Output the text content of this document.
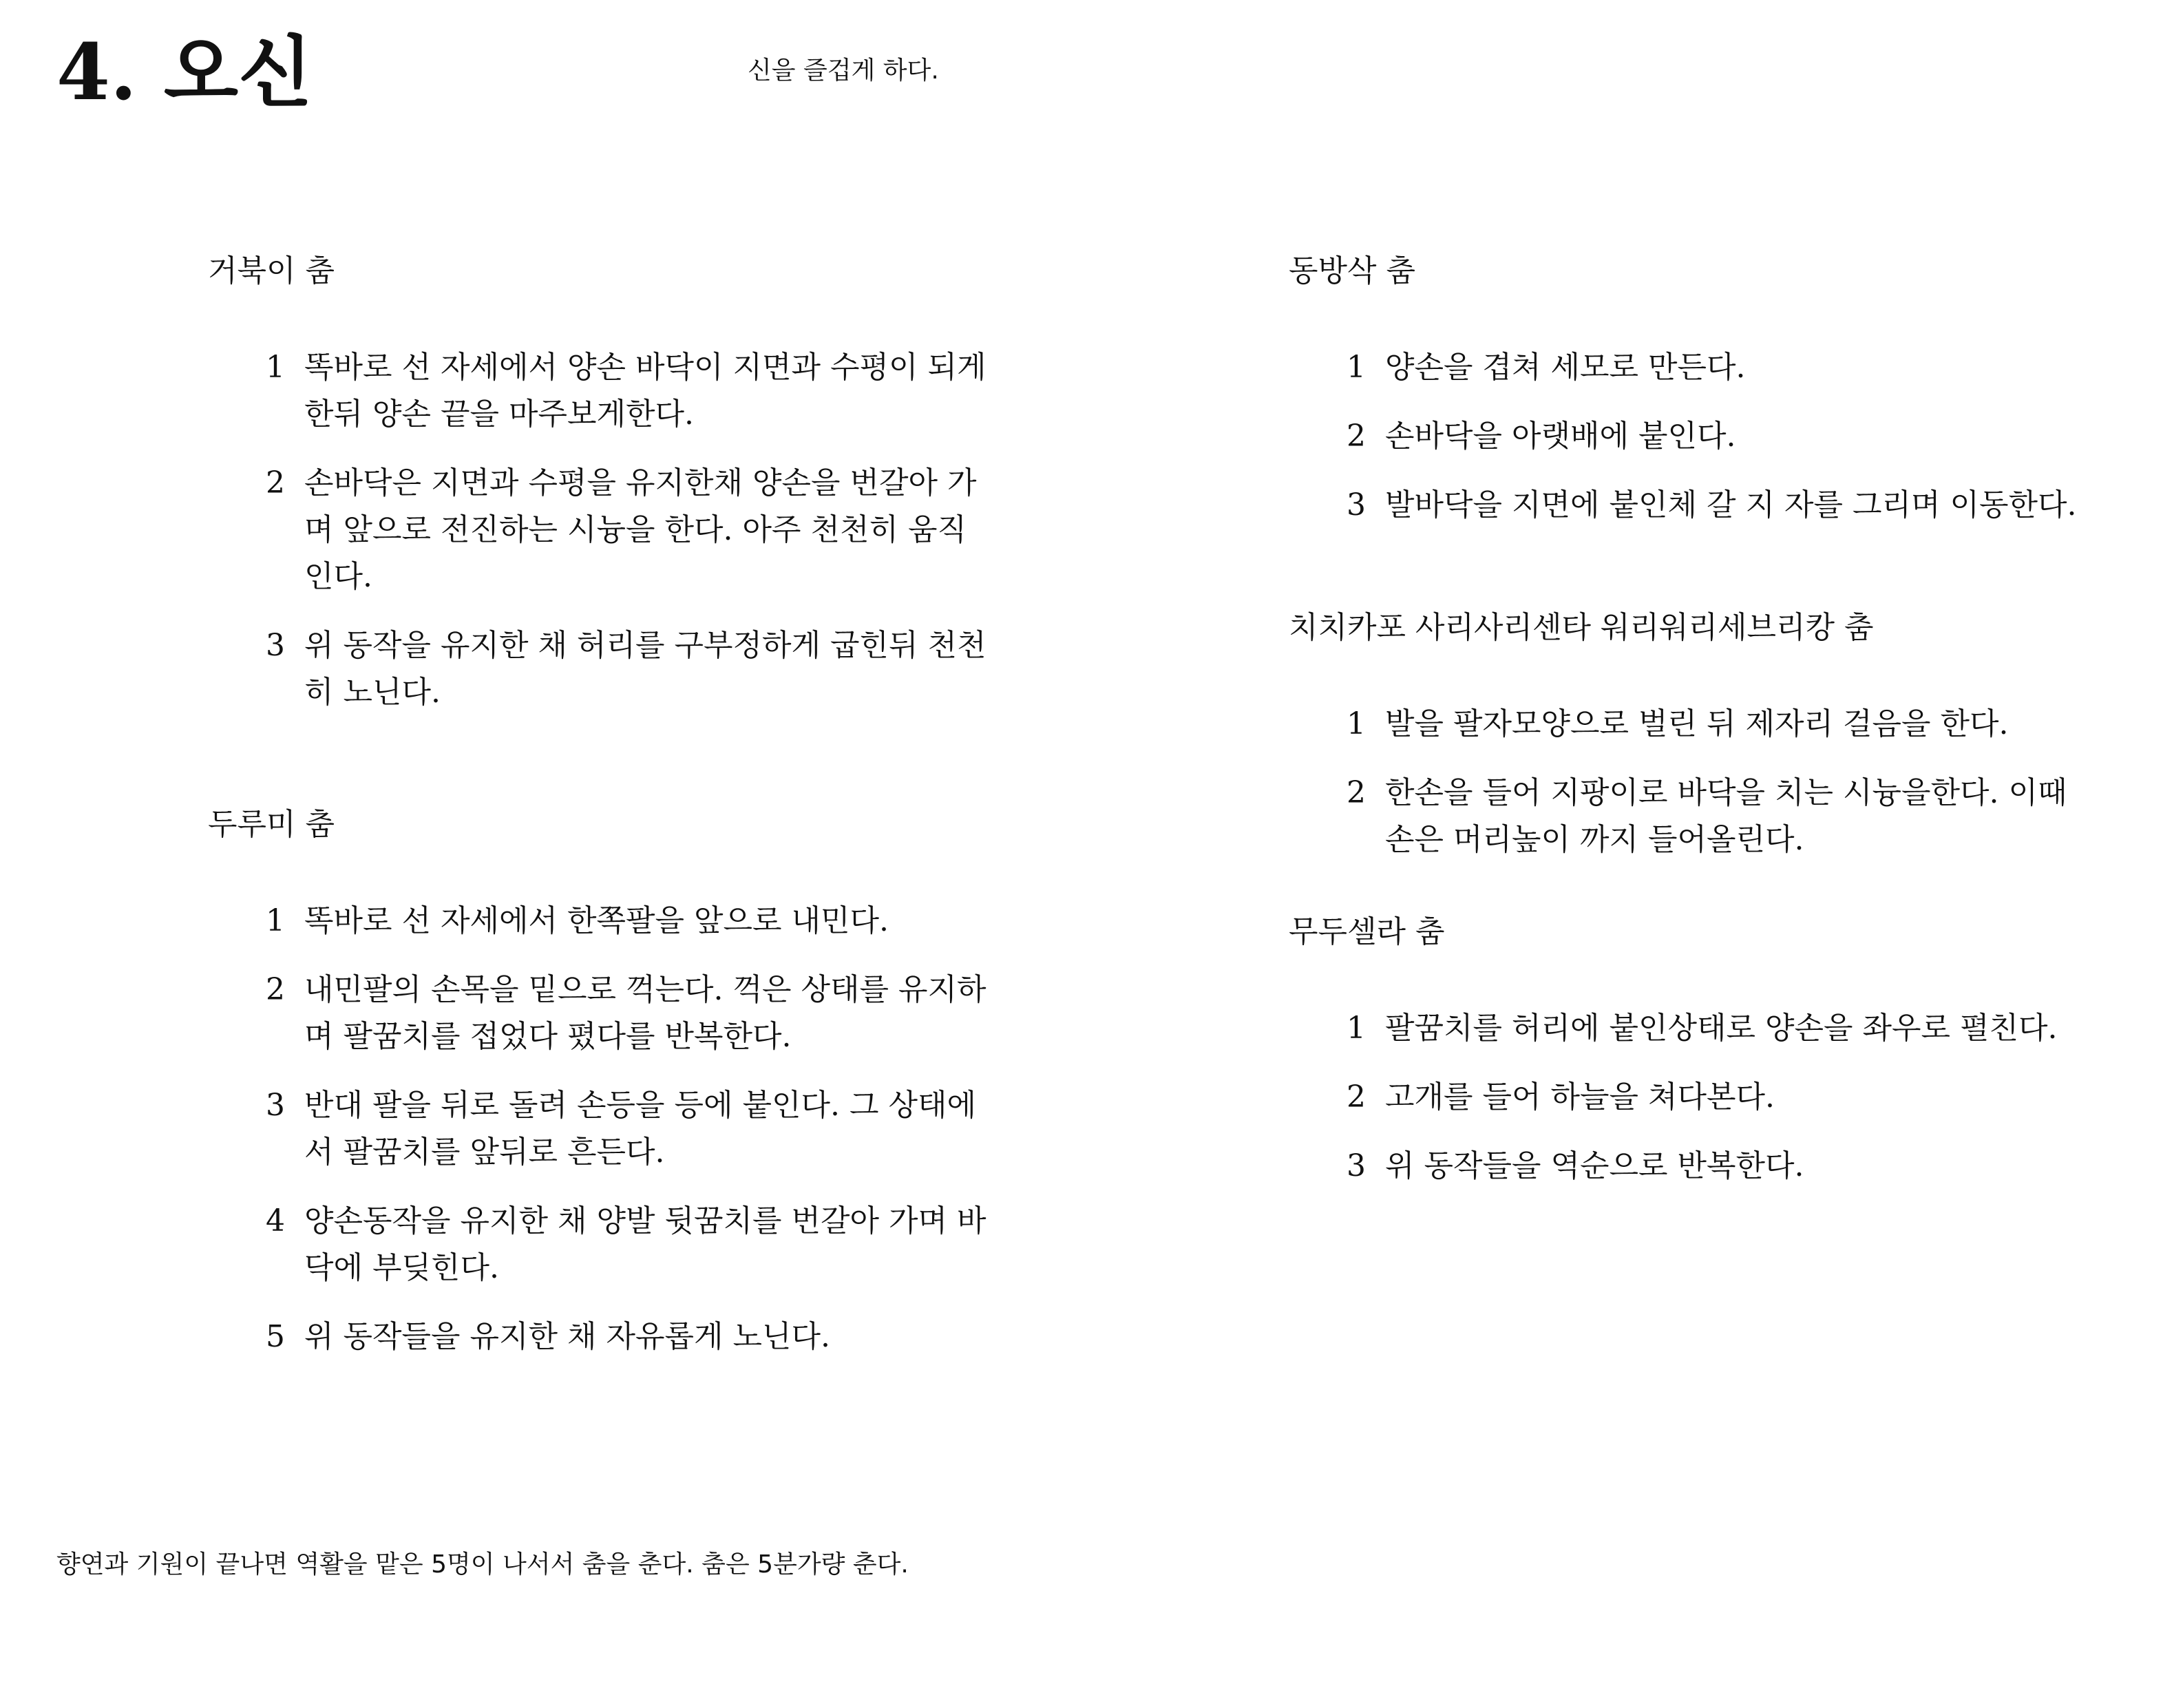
4. 오신	신을 즐겁게 하다.
거북이 춤
1 똑바로 선 자세에서 양손 바닥이 지면과 수평이 되게 한뒤 양손 끝을 마주보게한다.
2 손바닥은 지면과 수평을 유지한채 양손을 번갈아 가며 앞으로 전진하는 시늉을 한다. 아주 천천히 움직인다.
3 위 동작을 유지한 채 허리를 구부정하게 굽힌뒤 천천히 노닌다.
두루미 춤
1 똑바로 선 자세에서 한쪽팔을 앞으로 내민다.
2 내민팔의 손목을 밑으로 꺽는다. 꺽은 상태를 유지하며 팔꿈치를 접었다 폈다를 반복한다.
3 반대 팔을 뒤로 돌려 손등을 등에 붙인다. 그 상태에서 팔꿈치를 앞뒤로 흔든다.
4 양손동작을 유지한 채 양발 뒷꿈치를 번갈아 가며 바닥에 부딪힌다.
5 위 동작들을 유지한 채 자유롭게 노닌다.
동방삭 춤
1 양손을 겹쳐 세모로 만든다.
2 손바닥을 아랫배에 붙인다.
3 발바닥을 지면에 붙인체 갈 지 자를 그리며 이동한다.
치치카포 사리사리센타 워리워리세브리캉 춤
1 발을 팔자모양으로 벌린 뒤 제자리 걸음을 한다.
2 한손을 들어 지팡이로 바닥을 치는 시늉을한다. 이때 손은 머리높이 까지 들어올린다.
무두셀라 춤
1 팔꿈치를 허리에 붙인상태로 양손을 좌우로 펼친다.
2 고개를 들어 하늘을 쳐다본다.
3 위 동작들을 역순으로 반복한다.
향연과 기원이 끝나면 역활을 맡은 5명이 나서서 춤을 춘다. 춤은 5분가량 춘다.
